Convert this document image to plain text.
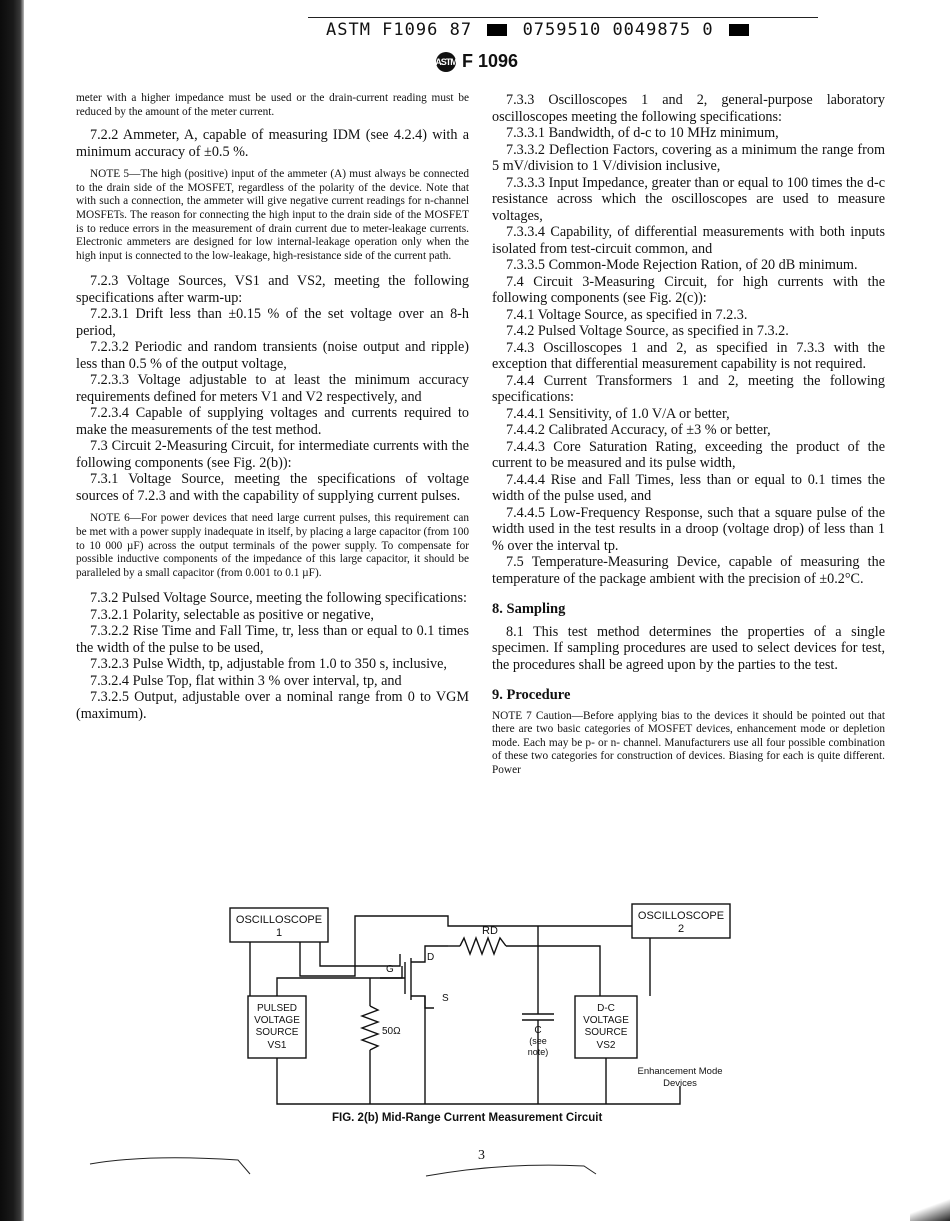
ASTM F1096 87	0759510 0049875 0
ASTM F 1096

meter with a higher impedance must be used or the drain-current reading must be reduced by the amount of the meter current.

7.2.2 Ammeter, A, capable of measuring IDM (see 4.2.4) with a minimum accuracy of ±0.5 %.

NOTE 5—The high (positive) input of the ammeter (A) must always be connected to the drain side of the MOSFET, regardless of the polarity of the device. Note that with such a connection, the ammeter will give negative current readings for n-channel MOSFETs. The reason for connecting the high input to the drain side of the MOSFET is to reduce errors in the measurement of drain current due to meter-leakage currents. Electronic ammeters are designed for low internal-leakage operation only when the high input is connected to the low-leakage, high-resistance side of the current path.

7.2.3 Voltage Sources, VS1 and VS2, meeting the following specifications after warm-up:

7.2.3.1 Drift less than ±0.15 % of the set voltage over an 8-h period,

7.2.3.2 Periodic and random transients (noise output and ripple) less than 0.5 % of the output voltage,

7.2.3.3 Voltage adjustable to at least the minimum accuracy requirements defined for meters V1 and V2 respectively, and

7.2.3.4 Capable of supplying voltages and currents required to make the measurements of the test method.

7.3 Circuit 2-Measuring Circuit, for intermediate currents with the following components (see Fig. 2(b)):

7.3.1 Voltage Source, meeting the specifications of voltage sources of 7.2.3 and with the capability of supplying current pulses.

NOTE 6—For power devices that need large current pulses, this requirement can be met with a power supply inadequate in itself, by placing a large capacitor (from 100 to 10 000 µF) across the output terminals of the power supply. To compensate for possible inductive components of the impedance of this large capacitor, it should be paralleled by a small capacitor (from 0.001 to 0.1 µF).

7.3.2 Pulsed Voltage Source, meeting the following specifications:

7.3.2.1 Polarity, selectable as positive or negative,

7.3.2.2 Rise Time and Fall Time, tr, less than or equal to 0.1 times the width of the pulse to be used,

7.3.2.3 Pulse Width, tp, adjustable from 1.0 to 350 s, inclusive,

7.3.2.4 Pulse Top, flat within 3 % over interval, tp, and

7.3.2.5 Output, adjustable over a nominal range from 0 to VGM (maximum).

7.3.3 Oscilloscopes 1 and 2, general-purpose laboratory oscilloscopes meeting the following specifications:

7.3.3.1 Bandwidth, of d-c to 10 MHz minimum,

7.3.3.2 Deflection Factors, covering as a minimum the range from 5 mV/division to 1 V/division inclusive,

7.3.3.3 Input Impedance, greater than or equal to 100 times the d-c resistance across which the oscilloscopes are used to measure voltages,

7.3.3.4 Capability, of differential measurements with both inputs isolated from test-circuit common, and

7.3.3.5 Common-Mode Rejection Ration, of 20 dB minimum.

7.4 Circuit 3-Measuring Circuit, for high currents with the following components (see Fig. 2(c)):

7.4.1 Voltage Source, as specified in 7.2.3.

7.4.2 Pulsed Voltage Source, as specified in 7.3.2.

7.4.3 Oscilloscopes 1 and 2, as specified in 7.3.3 with the exception that differential measurement capability is not required.

7.4.4 Current Transformers 1 and 2, meeting the following specifications:

7.4.4.1 Sensitivity, of 1.0 V/A or better,

7.4.4.2 Calibrated Accuracy, of ±3 % or better,

7.4.4.3 Core Saturation Rating, exceeding the product of the current to be measured and its pulse width,

7.4.4.4 Rise and Fall Times, less than or equal to 0.1 times the width of the pulse used, and

7.4.4.5 Low-Frequency Response, such that a square pulse of the width used in the test results in a droop (voltage drop) of less than 1 % over the interval tp.

7.5 Temperature-Measuring Device, capable of measuring the temperature of the package ambient with the precision of ±0.2°C.

8. Sampling

8.1 This test method determines the properties of a single specimen. If sampling procedures are used to select devices for test, the procedures shall be agreed upon by the parties to the test.

9. Procedure

NOTE 7 Caution—Before applying bias to the devices it should be pointed out that there are two basic categories of MOSFET devices, enhancement mode or depletion mode. Each may be p- or n- channel. Manufacturers use all four possible combination of these two categories for construction of devices. Biasing for each is quite different. Power

OSCILLOSCOPE
1
OSCILLOSCOPE
2
PULSED
VOLTAGE
SOURCE
VS1
50Ω
G
D
S
RD
C
(see
note)
D-C
VOLTAGE
SOURCE
VS2
Enhancement Mode
Devices
FIG. 2(b) Mid-Range Current Measurement Circuit
3
